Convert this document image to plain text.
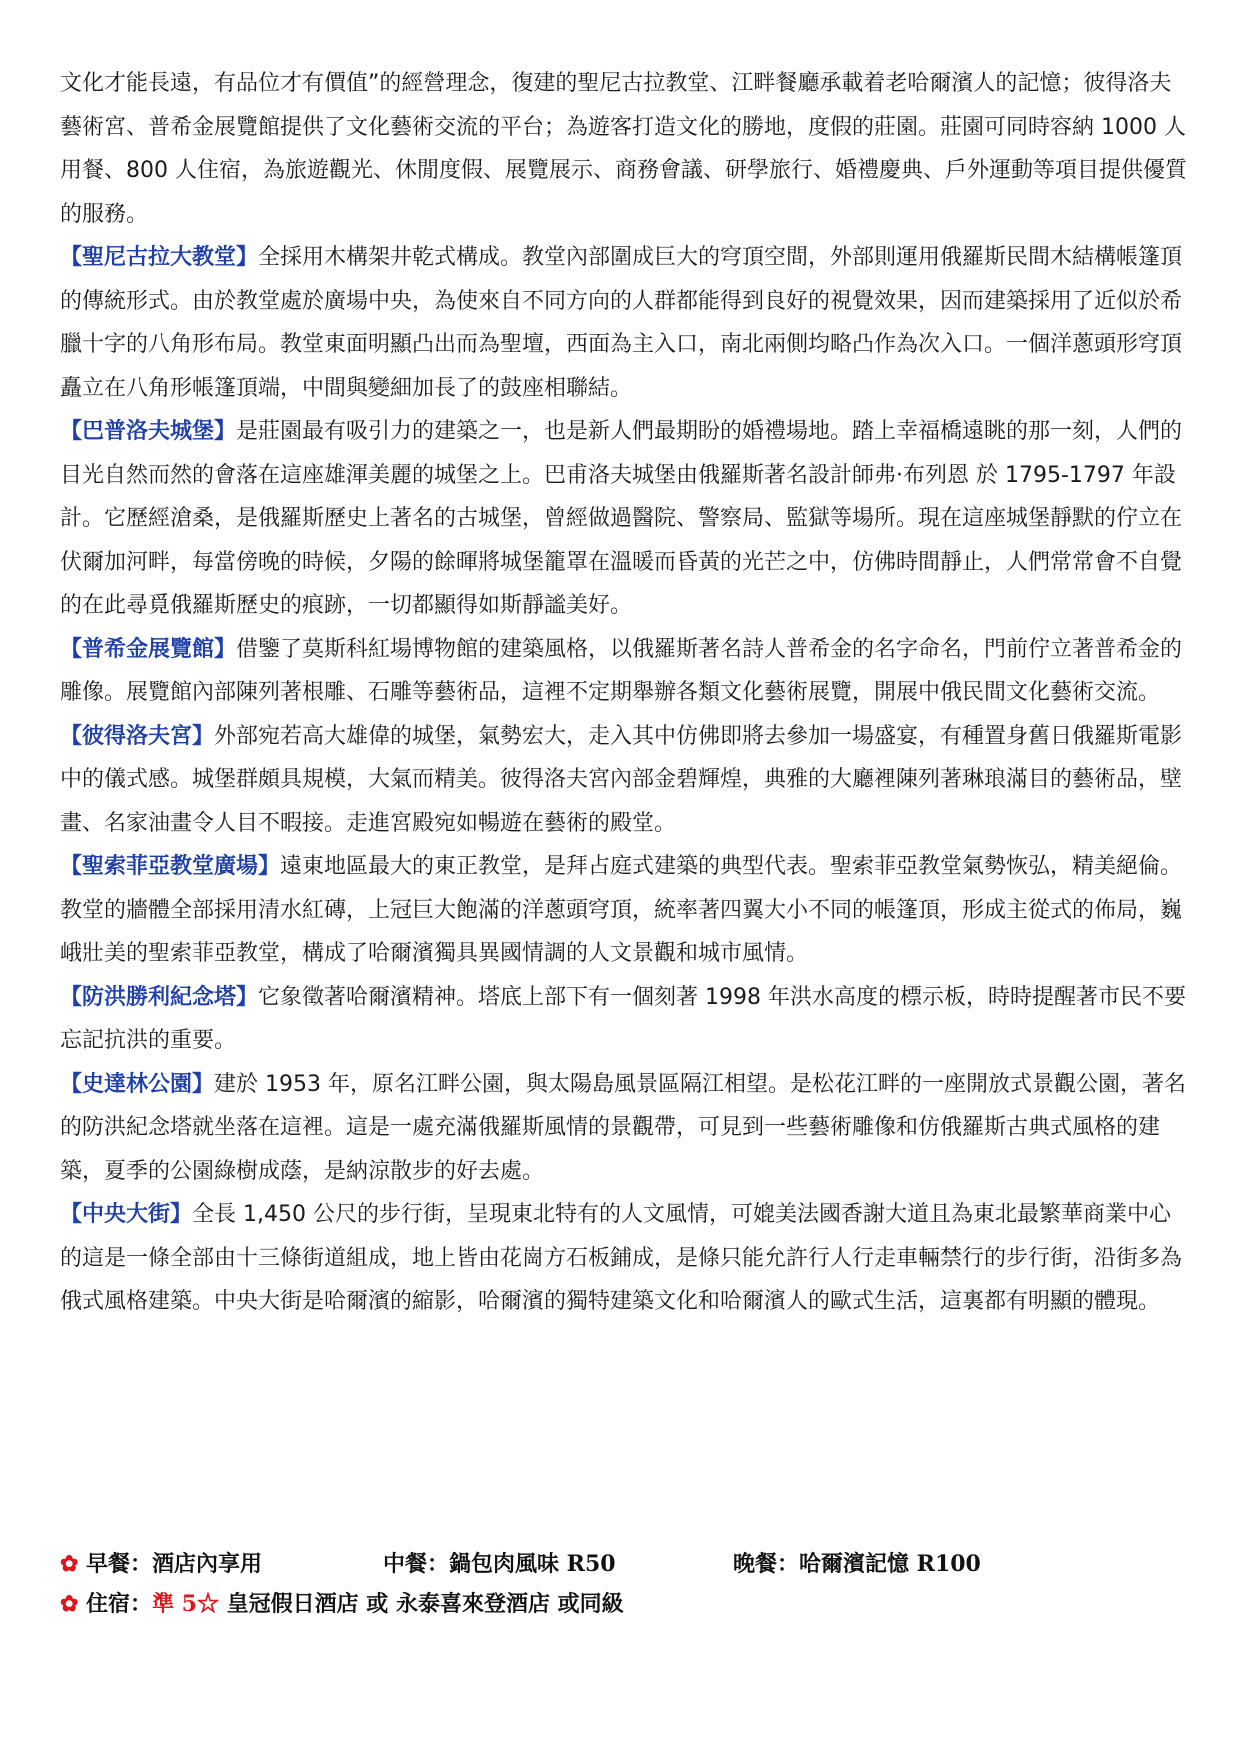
文化才能長遠，有品位才有價值”的經營理念，復建的聖尼古拉教堂、江畔餐廳承載着老哈爾濱人的記憶；彼得洛夫藝術宮、普希金展覽館提供了文化藝術交流的平台；為遊客打造文化的勝地，度假的莊園。莊園可同時容納 1000 人用餐、800 人住宿，為旅遊觀光、休閒度假、展覽展示、商務會議、研學旅行、婚禮慶典、戶外運動等項目提供優質的服務。

【聖尼古拉大教堂】全採用木構架井乾式構成。教堂內部圍成巨大的穹頂空間，外部則運用俄羅斯民間木結構帳篷頂的傳統形式。由於教堂處於廣場中央，為使來自不同方向的人群都能得到良好的視覺效果，因而建築採用了近似於希臘十字的八角形布局。教堂東面明顯凸出而為聖壇，西面為主入口，南北兩側均略凸作為次入口。一個洋蔥頭形穹頂矗立在八角形帳篷頂端，中間與變細加長了的鼓座相聯結。

【巴普洛夫城堡】是莊園最有吸引力的建築之一，也是新人們最期盼的婚禮場地。踏上幸福橋遠眺的那一刻，人們的目光自然而然的會落在這座雄渾美麗的城堡之上。巴甫洛夫城堡由俄羅斯著名設計師弗·布列恩 於 1795-1797 年設計。它歷經滄桑，是俄羅斯歷史上著名的古城堡，曾經做過醫院、警察局、監獄等場所。現在這座城堡靜默的佇立在伏爾加河畔，每當傍晚的時候，夕陽的餘暉將城堡籠罩在溫暖而昏黃的光芒之中，仿佛時間靜止，人們常常會不自覺的在此尋覓俄羅斯歷史的痕跡，一切都顯得如斯靜謐美好。

【普希金展覽館】借鑒了莫斯科紅場博物館的建築風格，以俄羅斯著名詩人普希金的名字命名，門前佇立著普希金的雕像。展覽館內部陳列著根雕、石雕等藝術品，這裡不定期舉辦各類文化藝術展覽，開展中俄民間文化藝術交流。

【彼得洛夫宮】外部宛若高大雄偉的城堡，氣勢宏大，走入其中仿佛即將去參加一場盛宴，有種置身舊日俄羅斯電影中的儀式感。城堡群頗具規模，大氣而精美。彼得洛夫宮內部金碧輝煌，典雅的大廳裡陳列著琳琅滿目的藝術品，壁畫、名家油畫令人目不暇接。走進宮殿宛如暢遊在藝術的殿堂。

【聖索菲亞教堂廣場】遠東地區最大的東正教堂，是拜占庭式建築的典型代表。聖索菲亞教堂氣勢恢弘，精美絕倫。教堂的牆體全部採用清水紅磚，上冠巨大飽滿的洋蔥頭穹頂，統率著四翼大小不同的帳篷頂，形成主從式的佈局，巍峨壯美的聖索菲亞教堂，構成了哈爾濱獨具異國情調的人文景觀和城市風情。

【防洪勝利紀念塔】它象徵著哈爾濱精神。塔底上部下有一個刻著 1998 年洪水高度的標示板，時時提醒著市民不要忘記抗洪的重要。

【史達林公園】建於 1953 年，原名江畔公園，與太陽島風景區隔江相望。是松花江畔的一座開放式景觀公園，著名的防洪紀念塔就坐落在這裡。這是一處充滿俄羅斯風情的景觀帶，可見到一些藝術雕像和仿俄羅斯古典式風格的建築，夏季的公園綠樹成蔭，是納涼散步的好去處。

【中央大街】全長 1,450 公尺的步行街，呈現東北特有的人文風情，可媲美法國香謝大道且為東北最繁華商業中心的這是一條全部由十三條街道組成，地上皆由花崗方石板鋪成，是條只能允許行人行走車輛禁行的步行街，沿街多為俄式風格建築。中央大街是哈爾濱的縮影，哈爾濱的獨特建築文化和哈爾濱人的歐式生活，這裏都有明顯的體現。

✿ 早餐：酒店內享用	中餐：鍋包肉風味 R50	晚餐：哈爾濱記憶 R100
✿ 住宿：準 5☆ 皇冠假日酒店 或 永泰喜來登酒店 或同級
